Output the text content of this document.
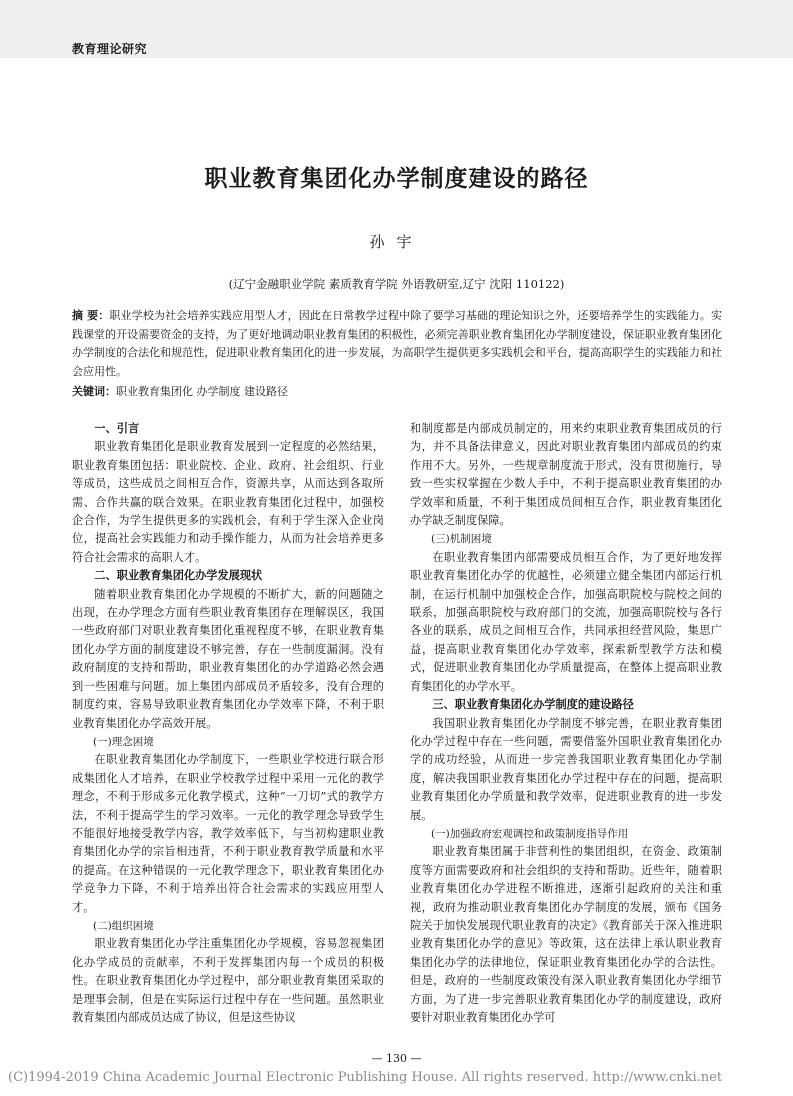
教育理论研究
职业教育集团化办学制度建设的路径
孙宇
(辽宁金融职业学院 素质教育学院 外语教研室,辽宁 沈阳 110122)
摘 要：职业学校为社会培养实践应用型人才，因此在日常教学过程中除了要学习基础的理论知识之外，还要培养学生的实践能力。实践课堂的开设需要资金的支持，为了更好地调动职业教育集团的积极性，必须完善职业教育集团化办学制度建设，保证职业教育集团化办学制度的合法化和规范性，促进职业教育集团化的进一步发展，为高职学生提供更多实践机会和平台，提高高职学生的实践能力和社会应用性。
关键词：职业教育集团化 办学制度 建设路径
一、引言

职业教育集团化是职业教育发展到一定程度的必然结果，职业教育集团包括：职业院校、企业、政府、社会组织、行业等成员，这些成员之间相互合作，资源共享，从而达到各取所需、合作共赢的联合效果。在职业教育集团化过程中，加强校企合作，为学生提供更多的实践机会，有利于学生深入企业岗位，提高社会实践能力和动手操作能力，从而为社会培养更多符合社会需求的高职人才。

二、职业教育集团化办学发展现状

随着职业教育集团化办学规模的不断扩大，新的问题随之出现，在办学理念方面有些职业教育集团存在理解误区，我国一些政府部门对职业教育集团化重视程度不够，在职业教育集团化办学方面的制度建设不够完善，存在一些制度漏洞。没有政府制度的支持和帮助，职业教育集团化的办学道路必然会遇到一些困难与问题。加上集团内部成员矛盾较多，没有合理的制度约束，容易导致职业教育集团化办学效率下降，不利于职业教育集团化办学高效开展。

(一)理念困境

在职业教育集团化办学制度下，一些职业学校进行联合形成集团化人才培养，在职业学校教学过程中采用一元化的教学理念，不利于形成多元化教学模式，这种“一刀切”式的教学方法，不利于提高学生的学习效率。一元化的教学理念导致学生不能很好地接受教学内容，教学效率低下，与当初构建职业教育集团化办学的宗旨相违背，不利于职业教育教学质量和水平的提高。在这种错误的一元化教学理念下，职业教育集团化办学竞争力下降，不利于培养出符合社会需求的实践应用型人才。

(二)组织困境

职业教育集团化办学注重集团化办学规模，容易忽视集团化办学成员的贡献率，不利于发挥集团内每一个成员的积极性。在职业教育集团化办学过程中，部分职业教育集团采取的是理事会制，但是在实际运行过程中存在一些问题。虽然职业教育集团内部成员达成了协议，但是这些协议

和制度都是内部成员制定的，用来约束职业教育集团成员的行为，并不具备法律意义，因此对职业教育集团内部成员的约束作用不大。另外，一些规章制度流于形式，没有贯彻施行，导致一些实权掌握在少数人手中，不利于提高职业教育集团的办学效率和质量，不利于集团成员间相互合作，职业教育集团化办学缺乏制度保障。

(三)机制困境

在职业教育集团内部需要成员相互合作，为了更好地发挥职业教育集团化办学的优越性，必须建立健全集团内部运行机制，在运行机制中加强校企合作，加强高职院校与院校之间的联系，加强高职院校与政府部门的交流，加强高职院校与各行各业的联系，成员之间相互合作，共同承担经营风险，集思广益，提高职业教育集团化办学效率，探索新型教学方法和模式，促进职业教育集团化办学质量提高，在整体上提高职业教育集团化的办学水平。

三、职业教育集团化办学制度的建设路径

我国职业教育集团化办学制度不够完善，在职业教育集团化办学过程中存在一些问题，需要借鉴外国职业教育集团化办学的成功经验，从而进一步完善我国职业教育集团化办学制度，解决我国职业教育集团化办学过程中存在的问题，提高职业教育集团化办学质量和教学效率，促进职业教育的进一步发展。

(一)加强政府宏观调控和政策制度指导作用

职业教育集团属于非营利性的集团组织，在资金、政策制度等方面需要政府和社会组织的支持和帮助。近些年，随着职业教育集团化办学进程不断推进，逐渐引起政府的关注和重视，政府为推动职业教育集团化办学制度的发展，颁布《国务院关于加快发展现代职业教育的决定》《教育部关于深入推进职业教育集团化办学的意见》等政策，这在法律上承认职业教育集团化办学的法律地位，保证职业教育集团化办学的合法性。但是，政府的一些制度政策没有深入职业教育集团化办学细节方面，为了进一步完善职业教育集团化办学的制度建设，政府要针对职业教育集团化办学可

— 130 —
(C)1994-2019 China Academic Journal Electronic Publishing House. All rights reserved. http://www.cnki.net
